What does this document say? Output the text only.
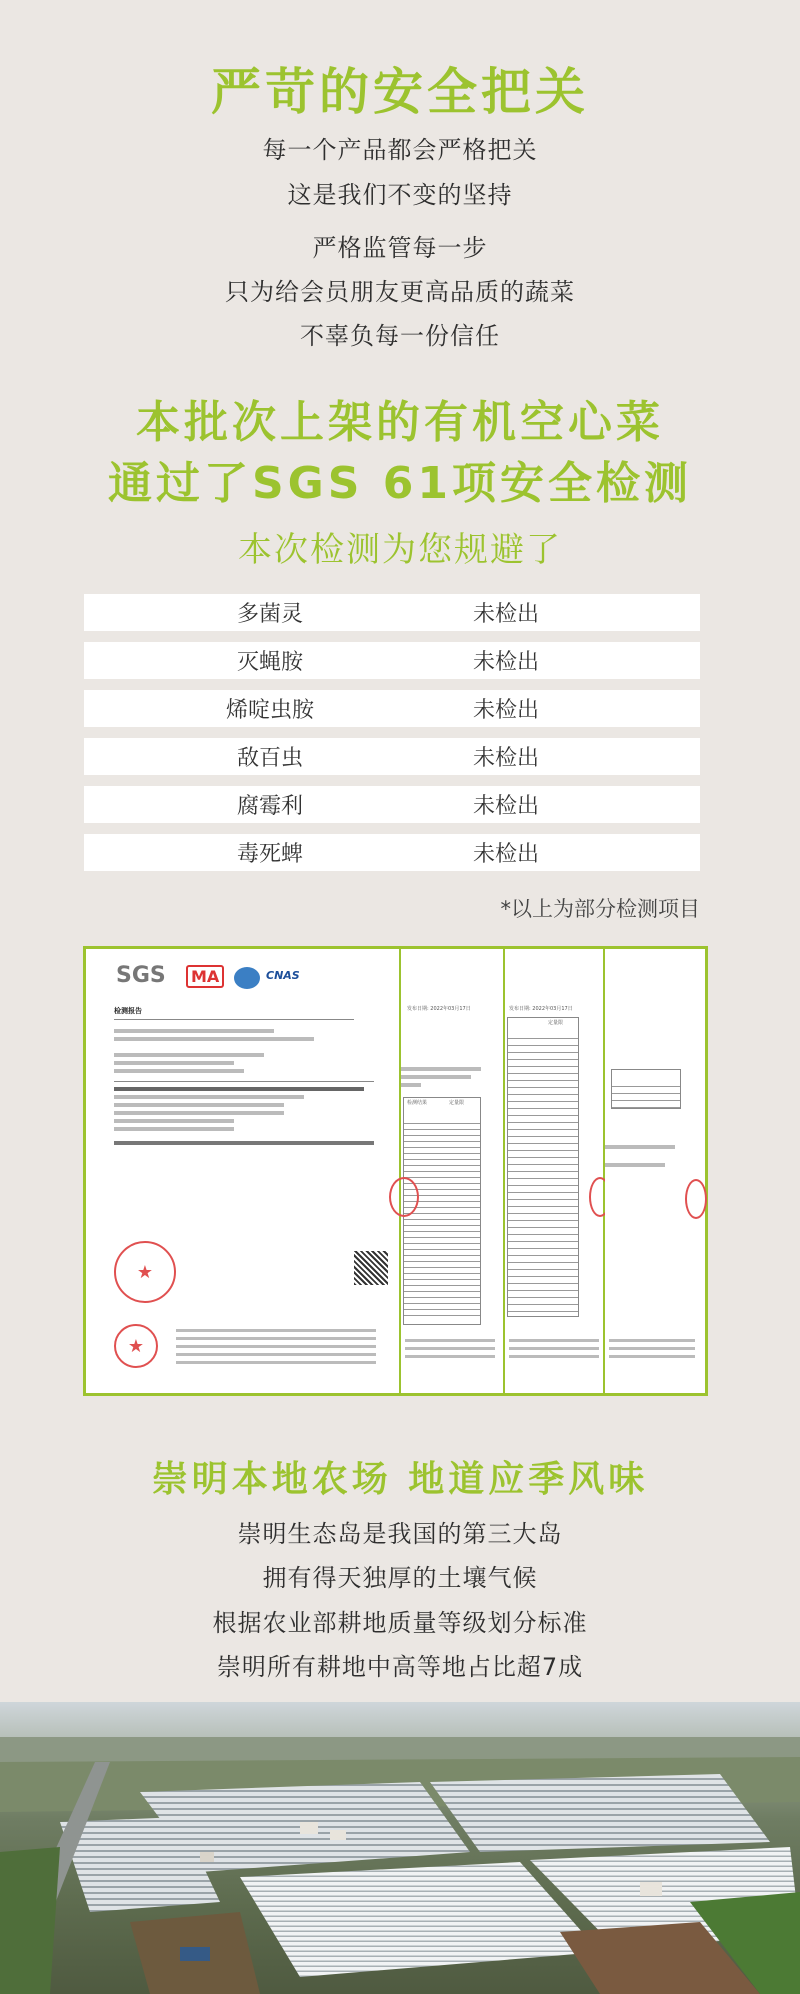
严苛的安全把关
每一个产品都会严格把关
这是我们不变的坚持
严格监管每一步
只为给会员朋友更高品质的蔬菜
不辜负每一份信任
本批次上架的有机空心菜
通过了SGS 61项安全检测
本次检测为您规避了
多菌灵	未检出
灭蝇胺	未检出
烯啶虫胺	未检出
敌百虫	未检出
腐霉利	未检出
毒死蜱	未检出
*以上为部分检测项目
SGS	MA	CNAS
检测报告
★
★
发布日期: 2022年03月17日
检测结果	定量限
发布日期: 2022年03月17日
定量限
崇明本地农场 地道应季风味
崇明生态岛是我国的第三大岛
拥有得天独厚的土壤气候
根据农业部耕地质量等级划分标准
崇明所有耕地中高等地占比超7成
